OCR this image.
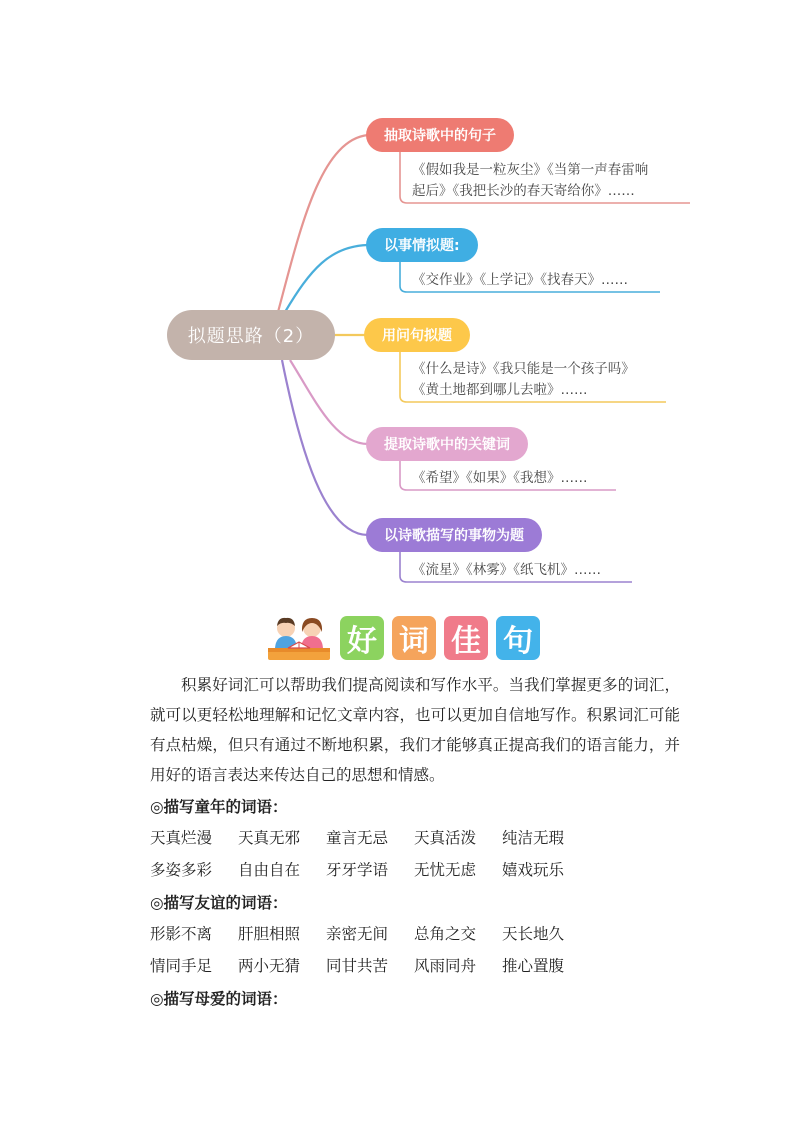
拟题思路（2）
抽取诗歌中的句子
《假如我是一粒灰尘》《当第一声春雷响
起后》《我把长沙的春天寄给你》……
以事情拟题:
《交作业》《上学记》《找春天》……
用问句拟题
《什么是诗》《我只能是一个孩子吗》
《黄土地都到哪儿去啦》……
提取诗歌中的关键词
《希望》《如果》《我想》……
以诗歌描写的事物为题
《流星》《林雾》《纸飞机》……
好 词 佳 句

积累好词汇可以帮助我们提高阅读和写作水平。当我们掌握更多的词汇，就可以更轻松地理解和记忆文章内容，也可以更加自信地写作。积累词汇可能有点枯燥，但只有通过不断地积累，我们才能够真正提高我们的语言能力，并用好的语言表达来传达自己的思想和情感。

◎描写童年的词语：
天真烂漫	天真无邪	童言无忌	天真活泼	纯洁无瑕
多姿多彩	自由自在	牙牙学语	无忧无虑	嬉戏玩乐
◎描写友谊的词语：
形影不离	肝胆相照	亲密无间	总角之交	天长地久
情同手足	两小无猜	同甘共苦	风雨同舟	推心置腹
◎描写母爱的词语：
